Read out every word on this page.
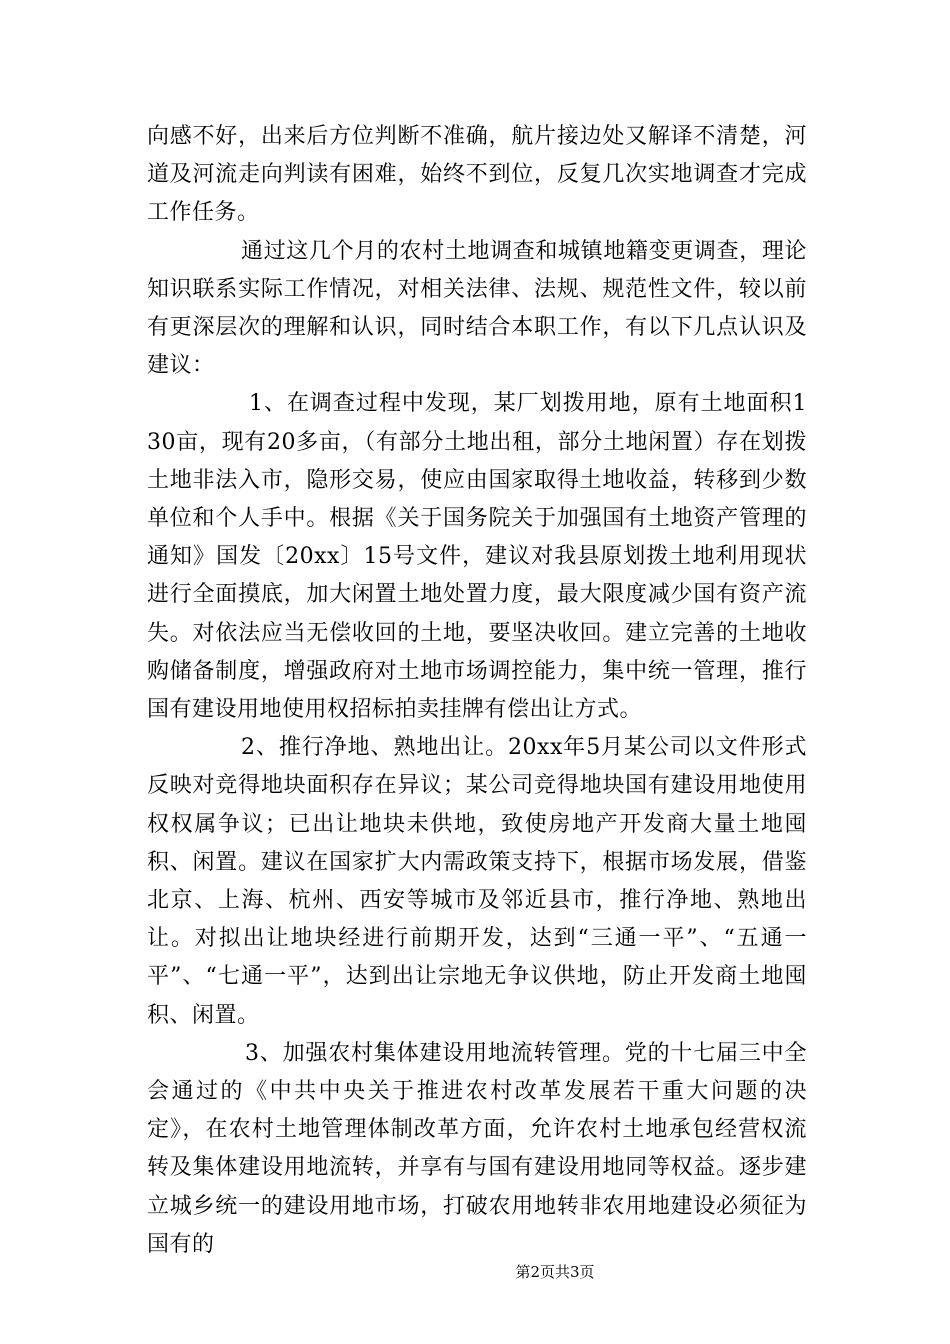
向感不好，出来后方位判断不准确，航片接边处又解译不清楚，河道及河流走向判读有困难，始终不到位，反复几次实地调查才完成工作任务。

通过这几个月的农村土地调查和城镇地籍变更调查，理论知识联系实际工作情况，对相关法律、法规、规范性文件，较以前有更深层次的理解和认识，同时结合本职工作，有以下几点认识及建议：

1、在调查过程中发现，某厂划拨用地，原有土地面积130亩，现有20多亩，（有部分土地出租，部分土地闲置）存在划拨土地非法入市，隐形交易，使应由国家取得土地收益，转移到少数单位和个人手中。根据《关于国务院关于加强国有土地资产管理的通知》国发〔20xx〕15号文件，建议对我县原划拨土地利用现状进行全面摸底，加大闲置土地处置力度，最大限度减少国有资产流失。对依法应当无偿收回的土地，要坚决收回。建立完善的土地收购储备制度，增强政府对土地市场调控能力，集中统一管理，推行国有建设用地使用权招标拍卖挂牌有偿出让方式。

2、推行净地、熟地出让。20xx年5月某公司以文件形式反映对竞得地块面积存在异议；某公司竞得地块国有建设用地使用权权属争议；已出让地块未供地，致使房地产开发商大量土地囤积、闲置。建议在国家扩大内需政策支持下，根据市场发展，借鉴北京、上海、杭州、西安等城市及邻近县市，推行净地、熟地出让。对拟出让地块经进行前期开发，达到“三通一平”、“五通一平”、“七通一平”，达到出让宗地无争议供地，防止开发商土地囤积、闲置。

3、加强农村集体建设用地流转管理。党的十七届三中全会通过的《中共中央关于推进农村改革发展若干重大问题的决定》，在农村土地管理体制改革方面，允许农村土地承包经营权流转及集体建设用地流转，并享有与国有建设用地同等权益。逐步建立城乡统一的建设用地市场，打破农用地转非农用地建设必须征为国有的

第2页共3页
